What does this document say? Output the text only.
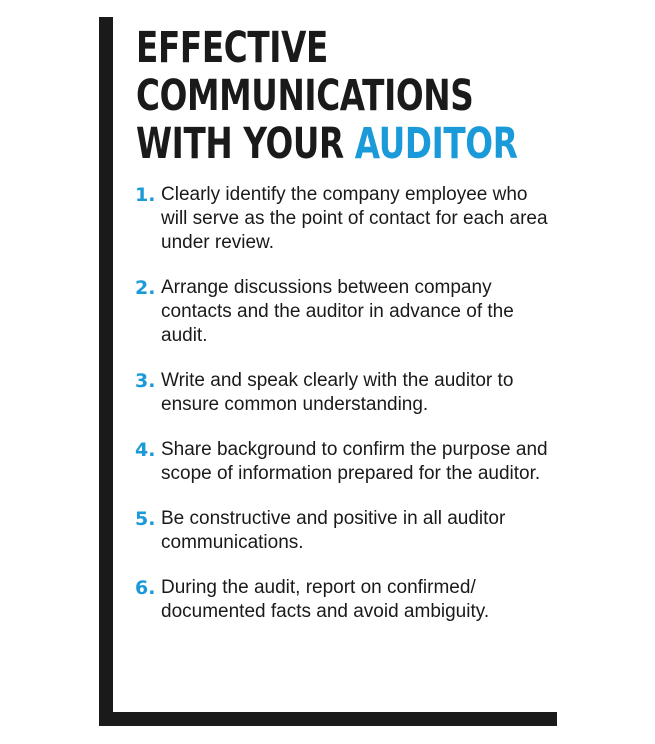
EFFECTIVE
COMMUNICATIONS
WITH YOUR AUDITOR
1. Clearly identify the company employee who will serve as the point of contact for each area under review.
2. Arrange discussions between company contacts and the auditor in advance of the audit.
3. Write and speak clearly with the auditor to ensure common understanding.
4. Share background to confirm the purpose and scope of information prepared for the auditor.
5. Be constructive and positive in all auditor communications.
6. During the audit, report on confirmed/ documented facts and avoid ambiguity.
